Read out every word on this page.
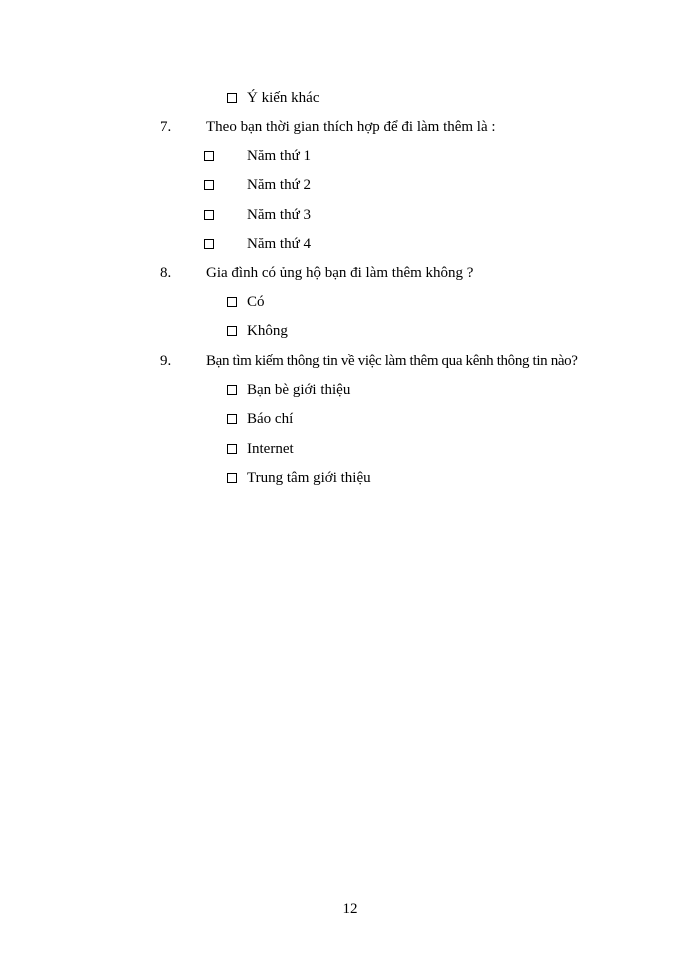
Ý kiến khác
7. Theo bạn thời gian thích hợp để đi làm thêm là :
Năm thứ 1
Năm thứ 2
Năm thứ 3
Năm thứ 4
8. Gia đình có ủng hộ bạn đi làm thêm không ?
Có
Không
9. Bạn tìm kiếm thông tin về việc làm thêm qua kênh thông tin nào?
Bạn bè giới thiệu
Báo chí
Internet
Trung tâm giới thiệu
12
